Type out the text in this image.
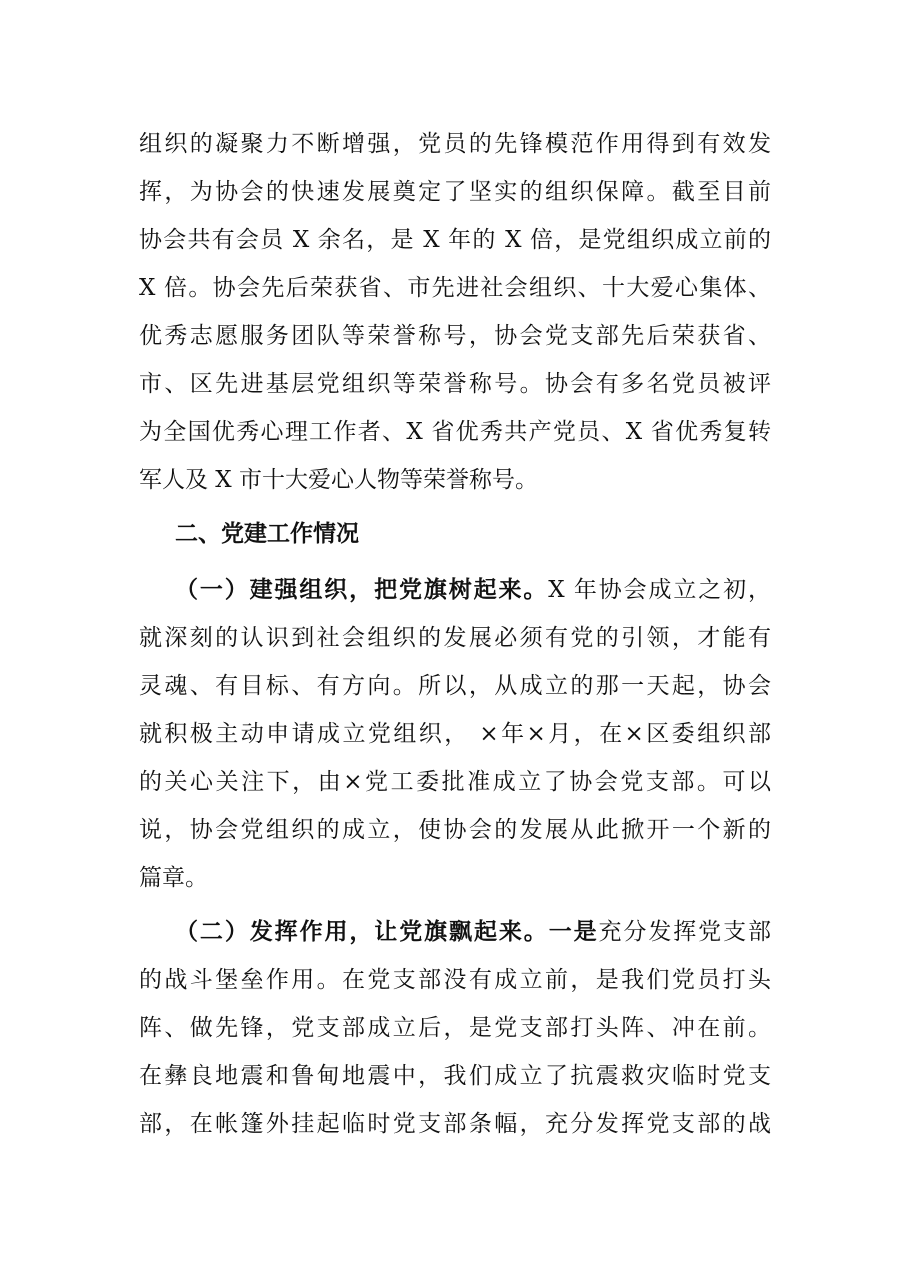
组织的凝聚力不断增强，党员的先锋模范作用得到有效发
挥，为协会的快速发展奠定了坚实的组织保障。截至目前
协会共有会员 X 余名，是 X 年的 X 倍，是党组织成立前的
X 倍。协会先后荣获省、市先进社会组织、十大爱心集体、
优秀志愿服务团队等荣誉称号，协会党支部先后荣获省、
市、区先进基层党组织等荣誉称号。协会有多名党员被评
为全国优秀心理工作者、X 省优秀共产党员、X 省优秀复转
军人及 X 市十大爱心人物等荣誉称号。
二、党建工作情况
（一）建强组织，把党旗树起来。X 年协会成立之初，
就深刻的认识到社会组织的发展必须有党的引领，才能有
灵魂、有目标、有方向。所以，从成立的那一天起，协会
就积极主动申请成立党组织， ×年×月，在×区委组织部
的关心关注下，由×党工委批准成立了协会党支部。可以
说，协会党组织的成立，使协会的发展从此掀开一个新的
篇章。
（二）发挥作用，让党旗飘起来。一是充分发挥党支部
的战斗堡垒作用。在党支部没有成立前，是我们党员打头
阵、做先锋，党支部成立后，是党支部打头阵、冲在前。
在彝良地震和鲁甸地震中，我们成立了抗震救灾临时党支
部，在帐篷外挂起临时党支部条幅，充分发挥党支部的战
